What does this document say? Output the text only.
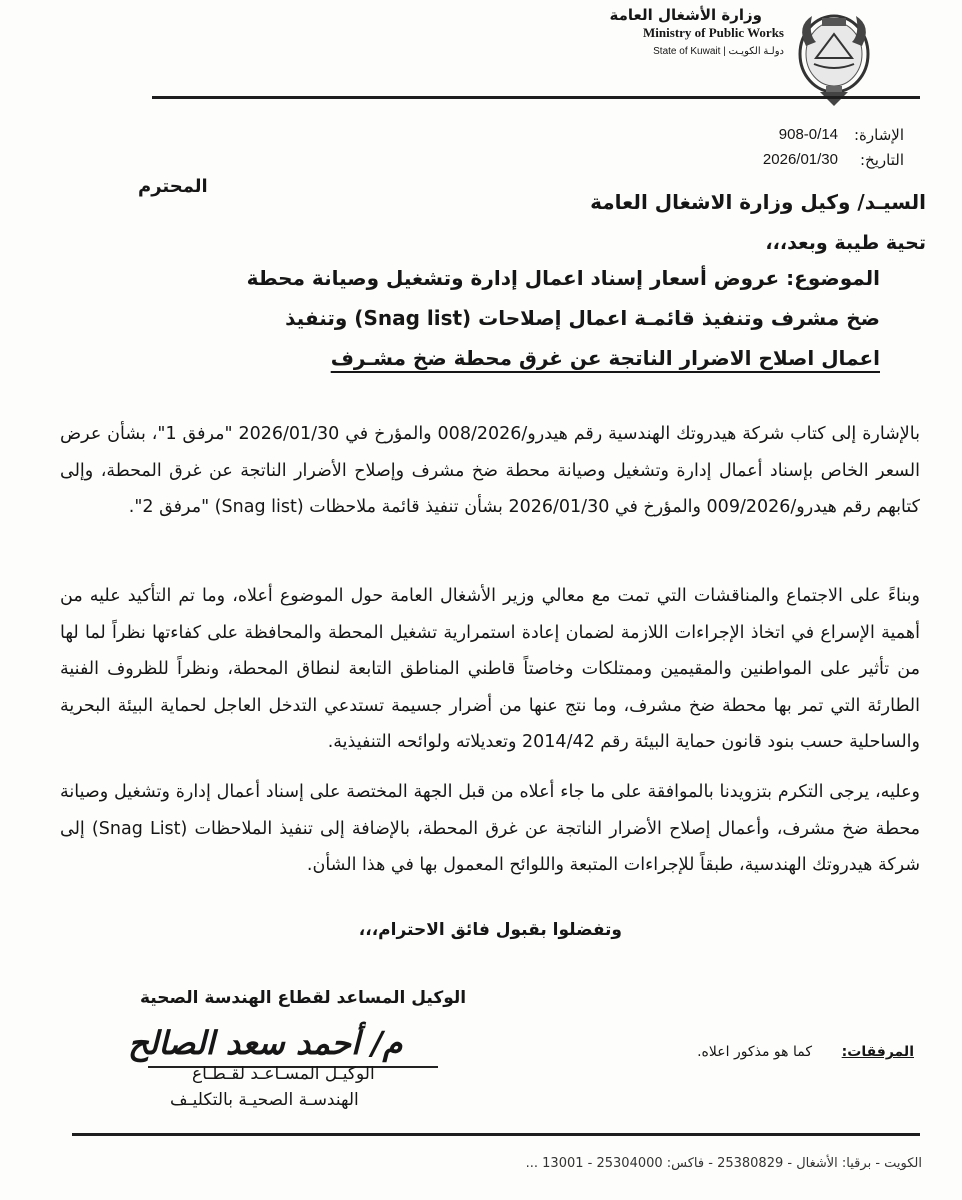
وزارة الأشغال العامة
Ministry of Public Works
State of Kuwait | دولـة الكويـت
الإشارة:
908-0/14
التاريخ:
2026/01/30
المحترم
السيـد/ وكيل وزارة الاشغال العامة
تحية طيبة وبعد،،،
الموضوع: عروض أسعار إسناد اعمال إدارة وتشغيل وصيانة محطة
ضخ مشرف وتنفيذ قائمـة اعمال إصلاحات (Snag list) وتنفيذ
اعمال اصلاح الاضرار الناتجة عن غرق محطة ضخ مشـرف
بالإشارة إلى كتاب شركة هيدروتك الهندسية رقم هيدرو/008/2026 والمؤرخ في 2026/01/30 "مرفق 1"، بشأن عرض السعر الخاص بإسناد أعمال إدارة وتشغيل وصيانة محطة ضخ مشرف وإصلاح الأضرار الناتجة عن غرق المحطة، وإلى كتابهم رقم هيدرو/009/2026 والمؤرخ في 2026/01/30 بشأن تنفيذ قائمة ملاحظات (Snag list) "مرفق 2".
وبناءً على الاجتماع والمناقشات التي تمت مع معالي وزير الأشغال العامة حول الموضوع أعلاه، وما تم التأكيد عليه من أهمية الإسراع في اتخاذ الإجراءات اللازمة لضمان إعادة استمرارية تشغيل المحطة والمحافظة على كفاءتها نظراً لما لها من تأثير على المواطنين والمقيمين وممتلكات وخاصتاً قاطني المناطق التابعة لنطاق المحطة، ونظراً للظروف الفنية الطارئة التي تمر بها محطة ضخ مشرف، وما نتج عنها من أضرار جسيمة تستدعي التدخل العاجل لحماية البيئة البحرية والساحلية حسب بنود قانون حماية البيئة رقم 2014/42 وتعديلاته ولوائحه التنفيذية.
وعليه، يرجى التكرم بتزويدنا بالموافقة على ما جاء أعلاه من قبل الجهة المختصة على إسناد أعمال إدارة وتشغيل وصيانة محطة ضخ مشرف، وأعمال إصلاح الأضرار الناتجة عن غرق المحطة، بالإضافة إلى تنفيذ الملاحظات (Snag List) إلى شركة هيدروتك الهندسية، طبقاً للإجراءات المتبعة واللوائح المعمول بها في هذا الشأن.
وتفضلوا بقبول فائق الاحترام،،،
الوكيل المساعد لقطاع الهندسة الصحية
م/ أحمد سعد الصالح
الوكيـل المسـاعـد لقـطـاع
الهندسـة الصحيـة بالتكليـف
المرفقات:
كما هو مذكور اعلاه.
الكويت - برقيا: الأشغال - 25380829 - فاكس: 25304000 - 13001 ...
